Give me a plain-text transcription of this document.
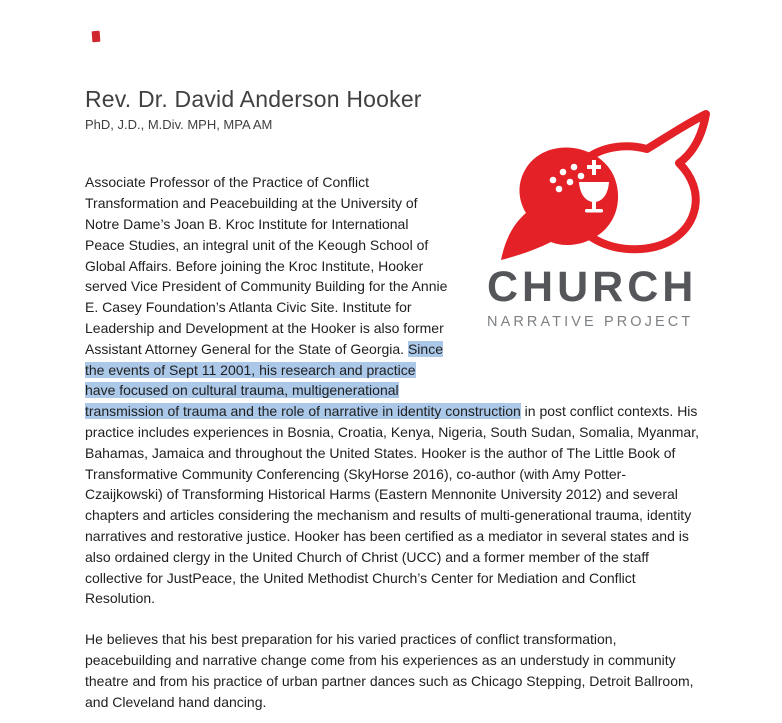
Rev. Dr. David Anderson Hooker
PhD, J.D., M.Div. MPH, MPA AM
CHURCH
NARRATIVE PROJECT

Associate Professor of the Practice of Conflict Transformation and Peacebuilding at the University of Notre Dame’s Joan B. Kroc Institute for International Peace Studies, an integral unit of the Keough School of Global Affairs. Before joining the Kroc Institute, Hooker served Vice President of Community Building for the Annie E. Casey Foundation’s Atlanta Civic Site. Institute for Leadership and Development at the Hooker is also former Assistant Attorney General for the State of Georgia. Since the events of Sept 11 2001, his research and practice have focused on cultural trauma, multigenerational transmission of trauma and the role of narrative in identity construction in post conflict contexts. His practice includes experiences in Bosnia, Croatia, Kenya, Nigeria, South Sudan, Somalia, Myanmar, Bahamas, Jamaica and throughout the United States. Hooker is the author of The Little Book of Transformative Community Conferencing (SkyHorse 2016), co-author (with Amy Potter-Czaijkowski) of Transforming Historical Harms (Eastern Mennonite University 2012) and several chapters and articles considering the mechanism and results of multi-generational trauma, identity narratives and restorative justice. Hooker has been certified as a mediator in several states and is also ordained clergy in the United Church of Christ (UCC) and a former member of the staff collective for JustPeace, the United Methodist Church’s Center for Mediation and Conflict Resolution.

He believes that his best preparation for his varied practices of conflict transformation, peacebuilding and narrative change come from his experiences as an understudy in community theatre and from his practice of urban partner dances such as Chicago Stepping, Detroit Ballroom, and Cleveland hand dancing.
